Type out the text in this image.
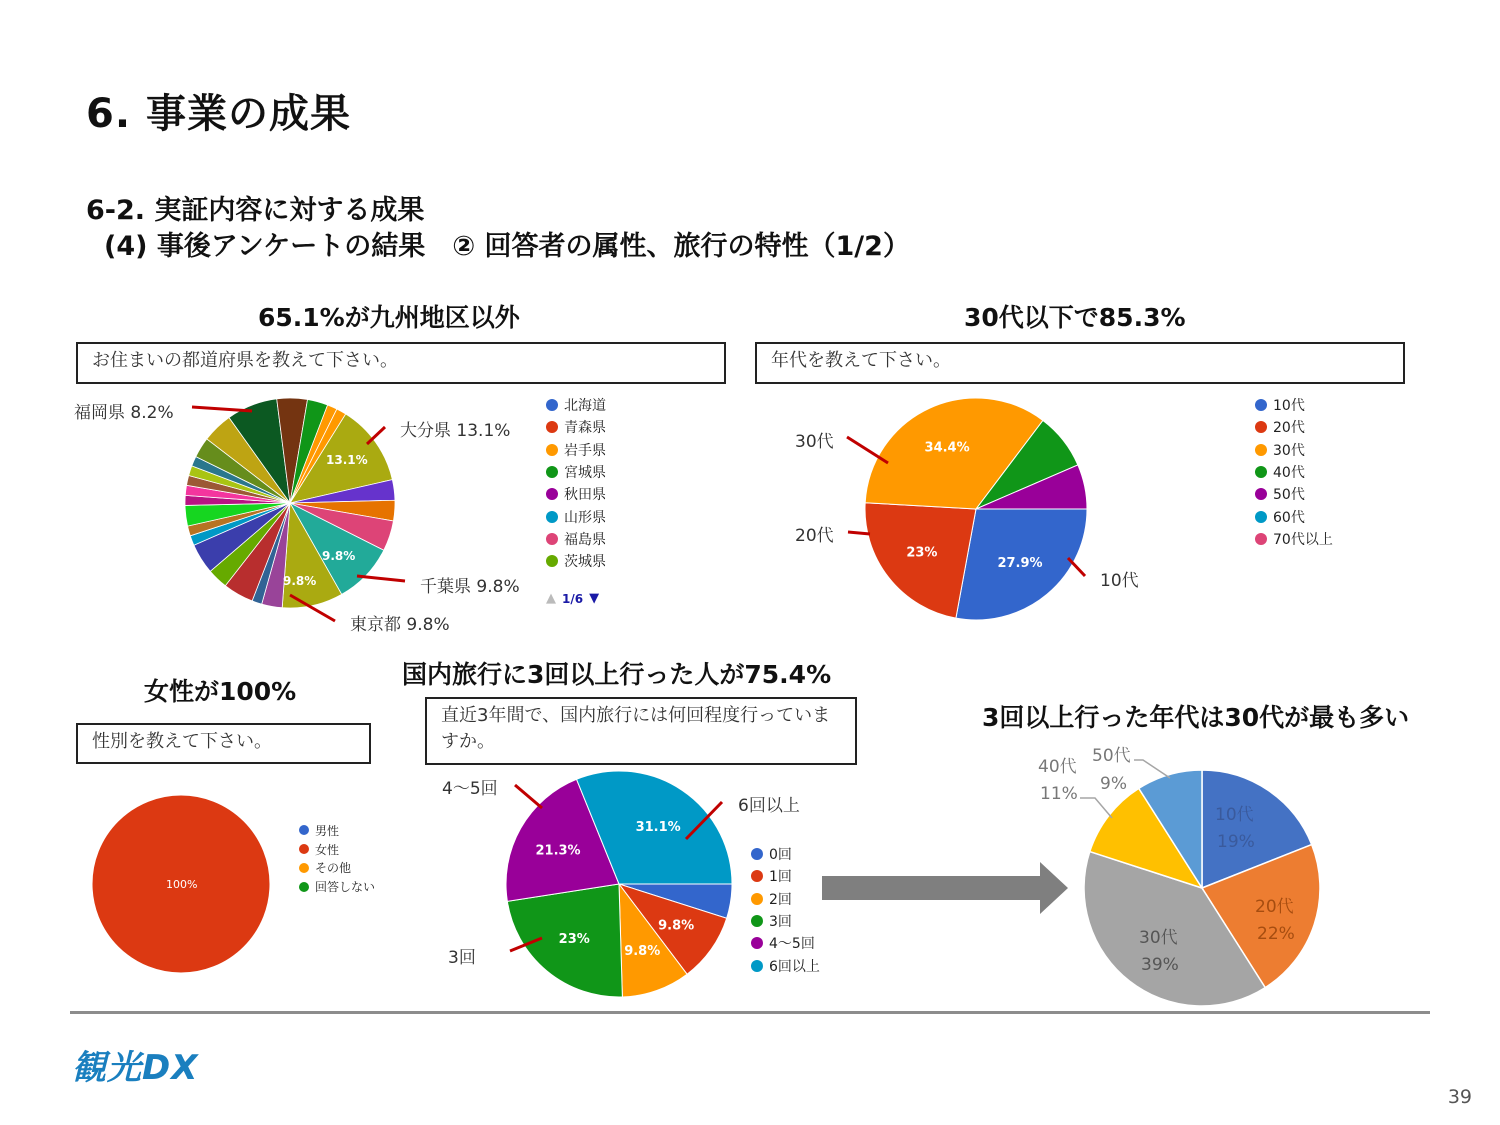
6. 事業の成果
6-2. 実証内容に対する成果
(4) 事後アンケートの結果　② 回答者の属性、旅行の特性（1/2）
65.1%が九州地区以外
お住まいの都道府県を教えて下さい。
福岡県 8.2%
大分県 13.1%
千葉県 9.8%
東京都 9.8%
13.1%
9.8%
9.8%
北海道
青森県
岩手県
宮城県
秋田県
山形県
福島県
茨城県
▲ 1/6 ▼
30代以下で85.3%
年代を教えて下さい。
27.9%
23%
34.4%
30代
20代
10代
10代
20代
30代
40代
50代
60代
70代以上
女性が100%
性別を教えて下さい。
100%
男性
女性
その他
回答しない
国内旅行に3回以上行った人が75.4%
直近3年間で、国内旅行には何回程度行っていますか。
9.8%
9.8%
23%
21.3%
31.1%
4〜5回
6回以上
3回
0回
1回
2回
3回
4〜5回
6回以上
3回以上行った年代は30代が最も多い
10代
19%
20代
22%
30代
39%
40代
11%
50代
9%
観光DX
39
